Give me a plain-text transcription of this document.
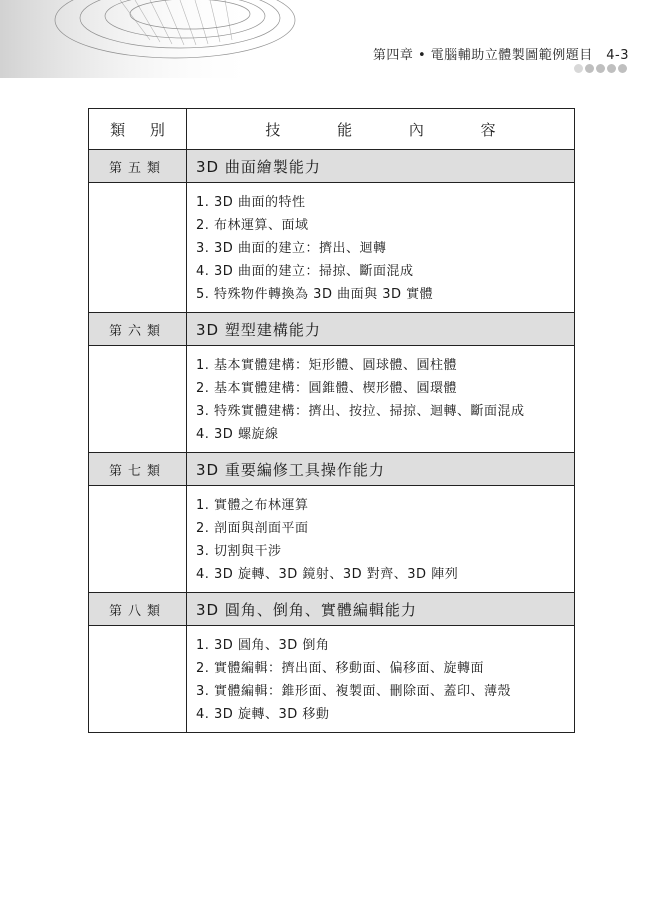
第四章 • 電腦輔助立體製圖範例題目　4-3
類 別	技	能	內	容
第五類	3D 曲面繪製能力
1. 3D 曲面的特性
2. 布林運算、面域
3. 3D 曲面的建立：擠出、迴轉
4. 3D 曲面的建立：掃掠、斷面混成
5. 特殊物件轉換為 3D 曲面與 3D 實體
第六類	3D 塑型建構能力
1. 基本實體建構：矩形體、圓球體、圓柱體
2. 基本實體建構：圓錐體、楔形體、圓環體
3. 特殊實體建構：擠出、按拉、掃掠、迴轉、斷面混成
4. 3D 螺旋線
第七類	3D 重要編修工具操作能力
1. 實體之布林運算
2. 剖面與剖面平面
3. 切割與干涉
4. 3D 旋轉、3D 鏡射、3D 對齊、3D 陣列
第八類	3D 圓角、倒角、實體編輯能力
1. 3D 圓角、3D 倒角
2. 實體編輯：擠出面、移動面、偏移面、旋轉面
3. 實體編輯：錐形面、複製面、刪除面、蓋印、薄殼
4. 3D 旋轉、3D 移動
